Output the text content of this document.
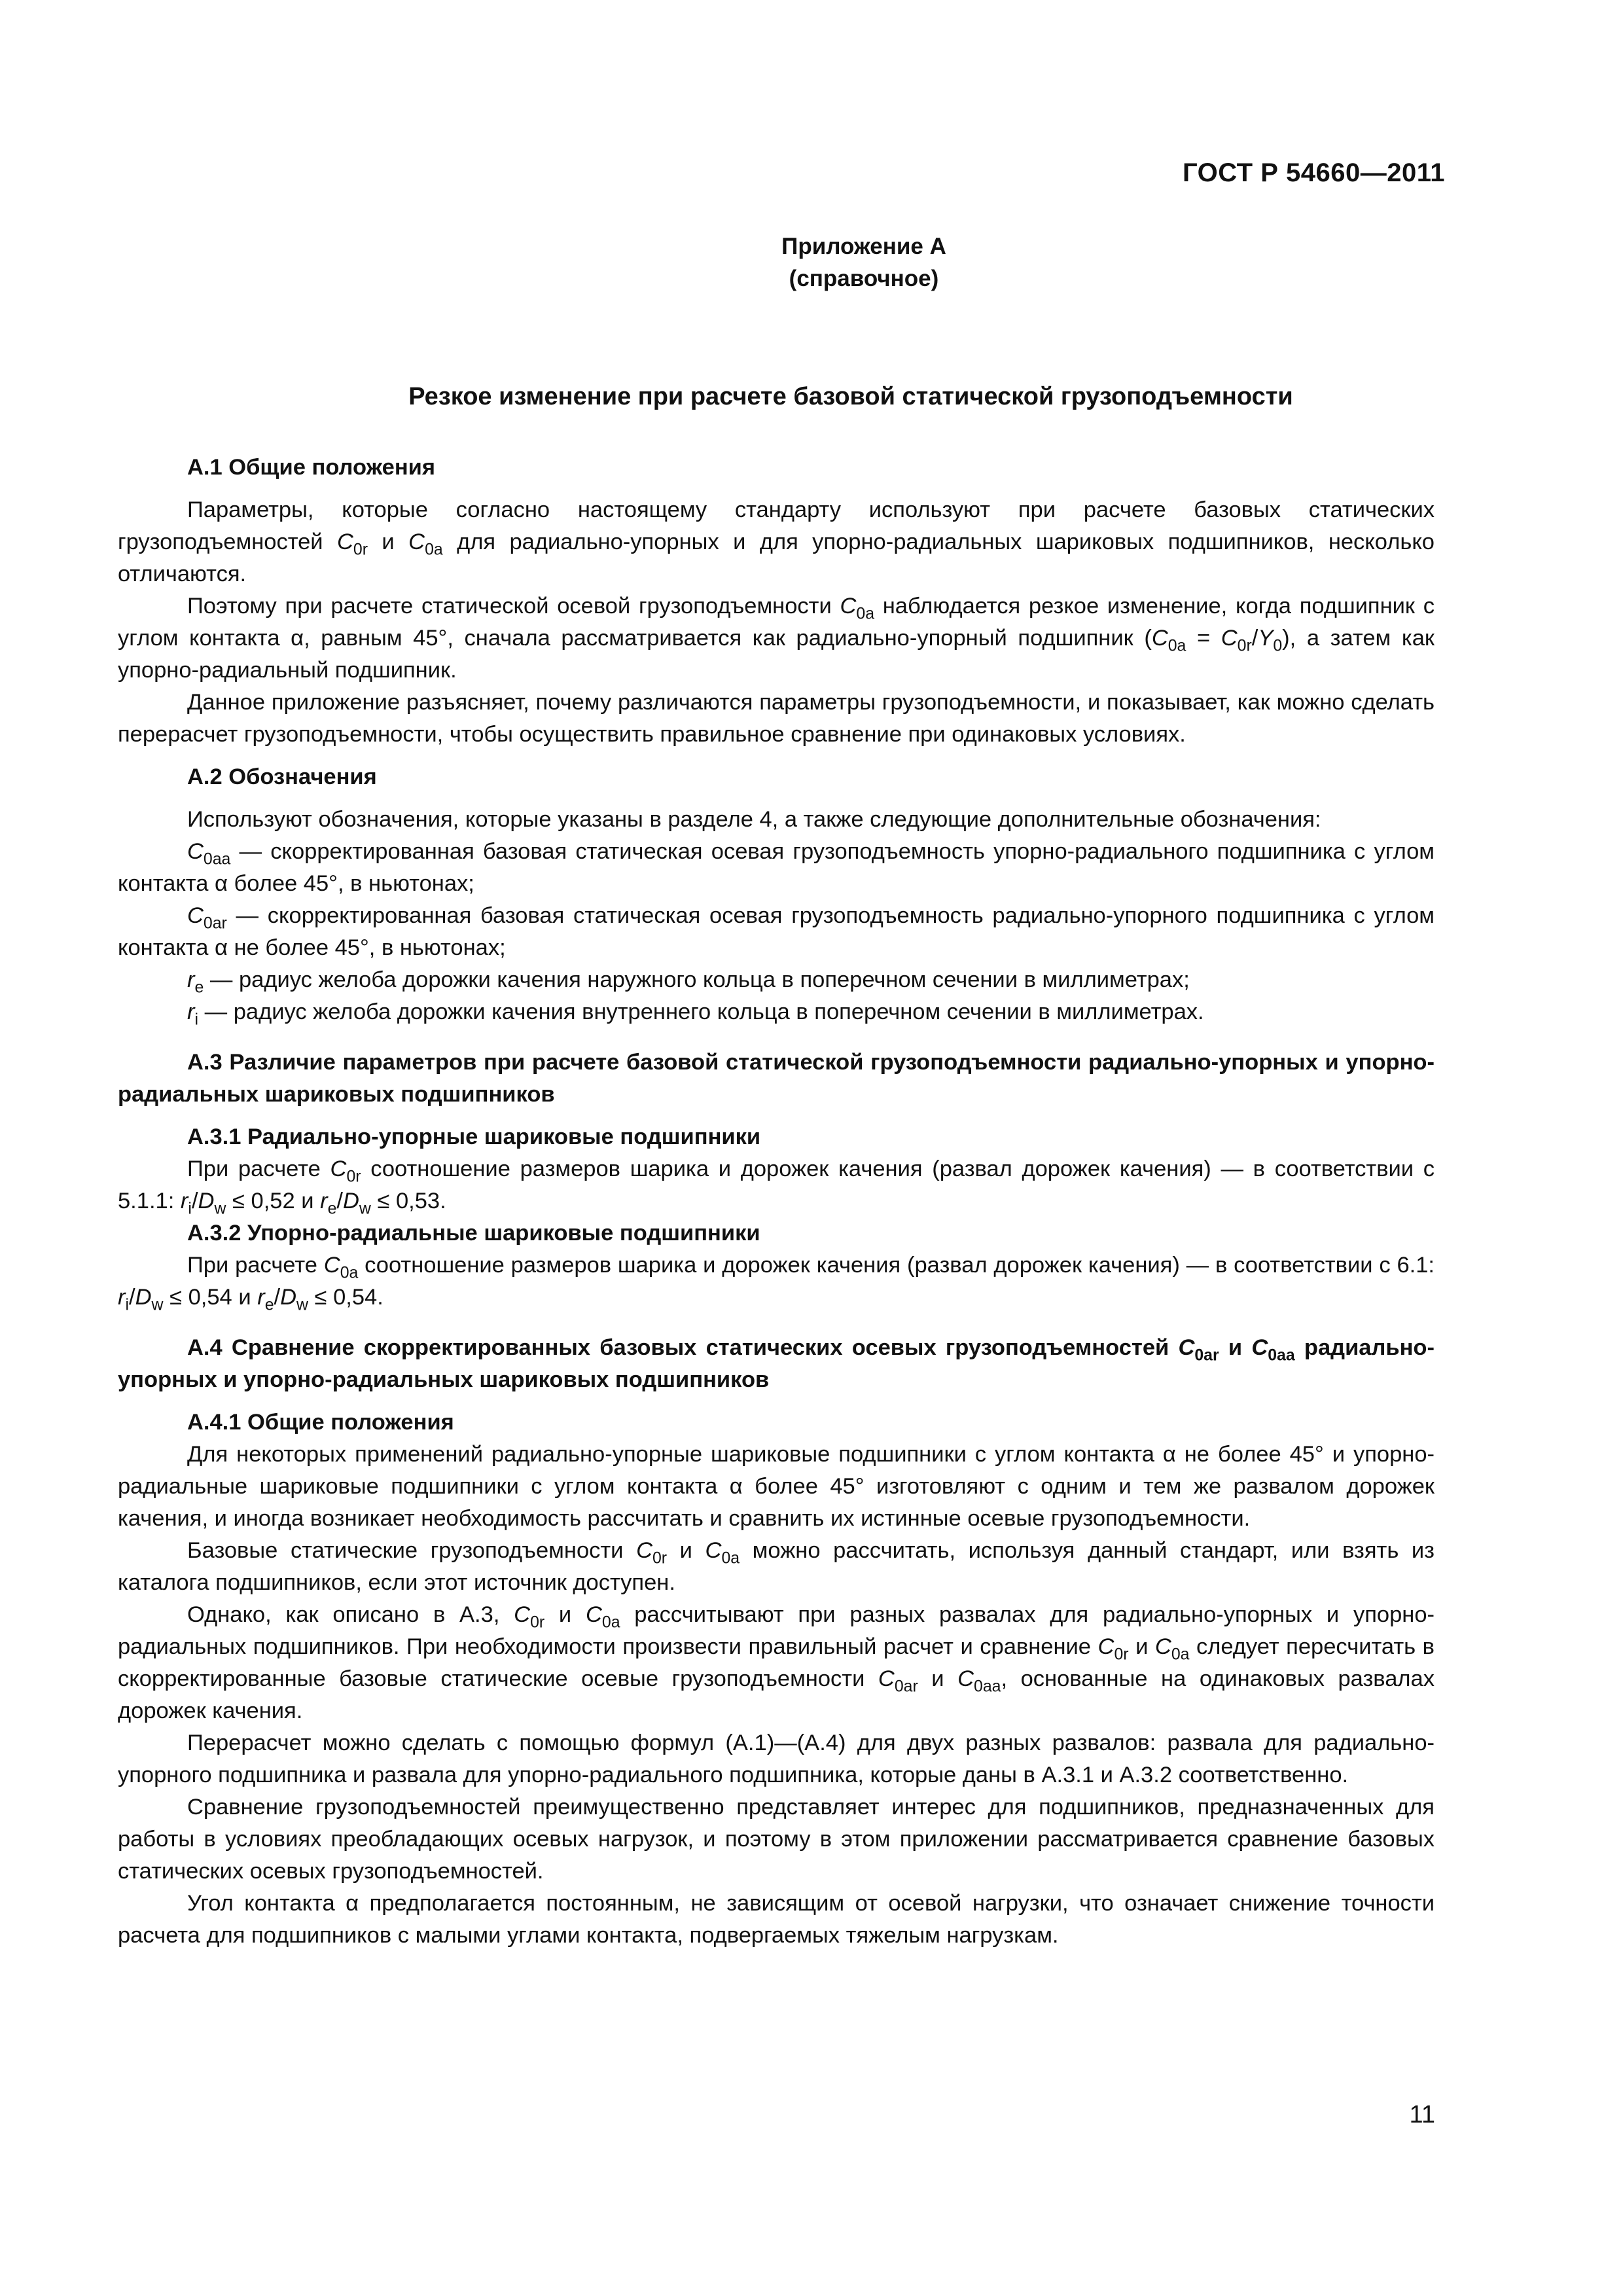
ГОСТ Р 54660—2011
Приложение А
(справочное)
Резкое изменение при расчете базовой статической грузоподъемности
А.1 Общие положения

Параметры, которые согласно настоящему стандарту используют при расчете базовых статических грузоподъемностей $C_{0r}$ и $C_{0a}$ для радиально-упорных и для упорно-радиальных шариковых подшипников, несколько отличаются.

Поэтому при расчете статической осевой грузоподъемности $C_{0a}$ наблюдается резкое изменение, когда подшипник с углом контакта α, равным 45°, сначала рассматривается как радиально-упорный подшипник $(C_{0a} = C_{0r}/Y_0)$, а затем как упорно-радиальный подшипник.

Данное приложение разъясняет, почему различаются параметры грузоподъемности, и показывает, как можно сделать перерасчет грузоподъемности, чтобы осуществить правильное сравнение при одинаковых условиях.

А.2 Обозначения

Используют обозначения, которые указаны в разделе 4, а также следующие дополнительные обозначения:

$C_{0aa}$ — скорректированная базовая статическая осевая грузоподъемность упорно-радиального подшипника с углом контакта α более 45°, в ньютонах;

$C_{0ar}$ — скорректированная базовая статическая осевая грузоподъемность радиально-упорного подшипника с углом контакта α не более 45°, в ньютонах;

$r_e$ — радиус желоба дорожки качения наружного кольца в поперечном сечении в миллиметрах;

$r_i$ — радиус желоба дорожки качения внутреннего кольца в поперечном сечении в миллиметрах.

А.3 Различие параметров при расчете базовой статической грузоподъемности радиально-упорных и упорно-радиальных шариковых подшипников
А.3.1 Радиально-упорные шариковые подшипники

При расчете $C_{0r}$ соотношение размеров шарика и дорожек качения (развал дорожек качения) — в соответствии с 5.1.1: $r_i/D_w \le 0,52$ и $r_e/D_w \le 0,53$.

А.3.2 Упорно-радиальные шариковые подшипники

При расчете $C_{0a}$ соотношение размеров шарика и дорожек качения (развал дорожек качения) — в соответствии с 6.1: $r_i/D_w \le 0,54$ и $r_e/D_w \le 0,54$.

А.4 Сравнение скорректированных базовых статических осевых грузоподъемностей $C_{0ar}$ и $C_{0aa}$ радиально-упорных и упорно-радиальных шариковых подшипников
А.4.1 Общие положения

Для некоторых применений радиально-упорные шариковые подшипники с углом контакта α не более 45° и упорно-радиальные шариковые подшипники с углом контакта α более 45° изготовляют с одним и тем же развалом дорожек качения, и иногда возникает необходимость рассчитать и сравнить их истинные осевые грузоподъемности.

Базовые статические грузоподъемности $C_{0r}$ и $C_{0a}$ можно рассчитать, используя данный стандарт, или взять из каталога подшипников, если этот источник доступен.

Однако, как описано в А.3, $C_{0r}$ и $C_{0a}$ рассчитывают при разных развалах для радиально-упорных и упорно-радиальных подшипников. При необходимости произвести правильный расчет и сравнение $C_{0r}$ и $C_{0a}$ следует пересчитать в скорректированные базовые статические осевые грузоподъемности $C_{0ar}$ и $C_{0aa}$, основанные на одинаковых развалах дорожек качения.

Перерасчет можно сделать с помощью формул (А.1)—(А.4) для двух разных развалов: развала для радиально-упорного подшипника и развала для упорно-радиального подшипника, которые даны в А.3.1 и А.3.2 соответственно.

Сравнение грузоподъемностей преимущественно представляет интерес для подшипников, предназначенных для работы в условиях преобладающих осевых нагрузок, и поэтому в этом приложении рассматривается сравнение базовых статических осевых грузоподъемностей.

Угол контакта α предполагается постоянным, не зависящим от осевой нагрузки, что означает снижение точности расчета для подшипников с малыми углами контакта, подвергаемых тяжелым нагрузкам.

11
